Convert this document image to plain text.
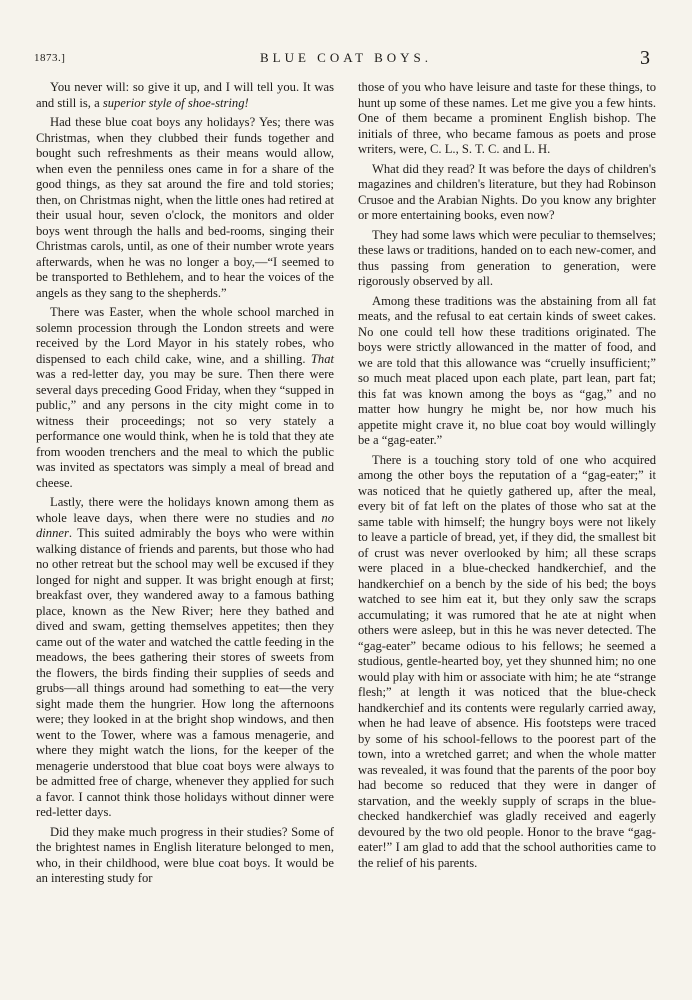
1873.]	BLUE COAT BOYS.	3

You never will: so give it up, and I will tell you. It was and still is, a superior style of shoe-string!

Had these blue coat boys any holidays? Yes; there was Christmas, when they clubbed their funds together and bought such refreshments as their means would allow, when even the penniless ones came in for a share of the good things, as they sat around the fire and told stories; then, on Christmas night, when the little ones had retired at their usual hour, seven o'clock, the monitors and older boys went through the halls and bed-rooms, singing their Christmas carols, until, as one of their number wrote years afterwards, when he was no longer a boy,—“I seemed to be transported to Bethlehem, and to hear the voices of the angels as they sang to the shepherds.”

There was Easter, when the whole school marched in solemn procession through the London streets and were received by the Lord Mayor in his stately robes, who dispensed to each child cake, wine, and a shilling. That was a red-letter day, you may be sure. Then there were several days preceding Good Friday, when they “supped in public,” and any persons in the city might come in to witness their proceedings; not so very stately a performance one would think, when he is told that they ate from wooden trenchers and the meal to which the public was invited as spectators was simply a meal of bread and cheese.

Lastly, there were the holidays known among them as whole leave days, when there were no studies and no dinner. This suited admirably the boys who were within walking distance of friends and parents, but those who had no other retreat but the school may well be excused if they longed for night and supper. It was bright enough at first; breakfast over, they wandered away to a famous bathing place, known as the New River; here they bathed and dived and swam, getting themselves appetites; then they came out of the water and watched the cattle feeding in the meadows, the bees gathering their stores of sweets from the flowers, the birds finding their supplies of seeds and grubs—all things around had something to eat—the very sight made them the hungrier. How long the afternoons were; they looked in at the bright shop windows, and then went to the Tower, where was a famous menagerie, and where they might watch the lions, for the keeper of the menagerie understood that blue coat boys were always to be admitted free of charge, whenever they applied for such a favor. I cannot think those holidays without dinner were red-letter days.

Did they make much progress in their studies? Some of the brightest names in English literature belonged to men, who, in their childhood, were blue coat boys. It would be an interesting study for

those of you who have leisure and taste for these things, to hunt up some of these names. Let me give you a few hints. One of them became a prominent English bishop. The initials of three, who became famous as poets and prose writers, were, C. L., S. T. C. and L. H.

What did they read? It was before the days of children's magazines and children's literature, but they had Robinson Crusoe and the Arabian Nights. Do you know any brighter or more entertaining books, even now?

They had some laws which were peculiar to themselves; these laws or traditions, handed on to each new-comer, and thus passing from generation to generation, were rigorously observed by all.

Among these traditions was the abstaining from all fat meats, and the refusal to eat certain kinds of sweet cakes. No one could tell how these traditions originated. The boys were strictly allowanced in the matter of food, and we are told that this allowance was “cruelly insufficient;” so much meat placed upon each plate, part lean, part fat; this fat was known among the boys as “gag,” and no matter how hungry he might be, nor how much his appetite might crave it, no blue coat boy would willingly be a “gag-eater.”

There is a touching story told of one who acquired among the other boys the reputation of a “gag-eater;” it was noticed that he quietly gathered up, after the meal, every bit of fat left on the plates of those who sat at the same table with himself; the hungry boys were not likely to leave a particle of bread, yet, if they did, the smallest bit of crust was never overlooked by him; all these scraps were placed in a blue-checked handkerchief, and the handkerchief on a bench by the side of his bed; the boys watched to see him eat it, but they only saw the scraps accumulating; it was rumored that he ate at night when others were asleep, but in this he was never detected. The “gag-eater” became odious to his fellows; he seemed a studious, gentle-hearted boy, yet they shunned him; no one would play with him or associate with him; he ate “strange flesh;” at length it was noticed that the blue-check handkerchief and its contents were regularly carried away, when he had leave of absence. His footsteps were traced by some of his school-fellows to the poorest part of the town, into a wretched garret; and when the whole matter was revealed, it was found that the parents of the poor boy had become so reduced that they were in danger of starvation, and the weekly supply of scraps in the blue-checked handkerchief was gladly received and eagerly devoured by the two old people. Honor to the brave “gag-eater!” I am glad to add that the school authorities came to the relief of his parents.
